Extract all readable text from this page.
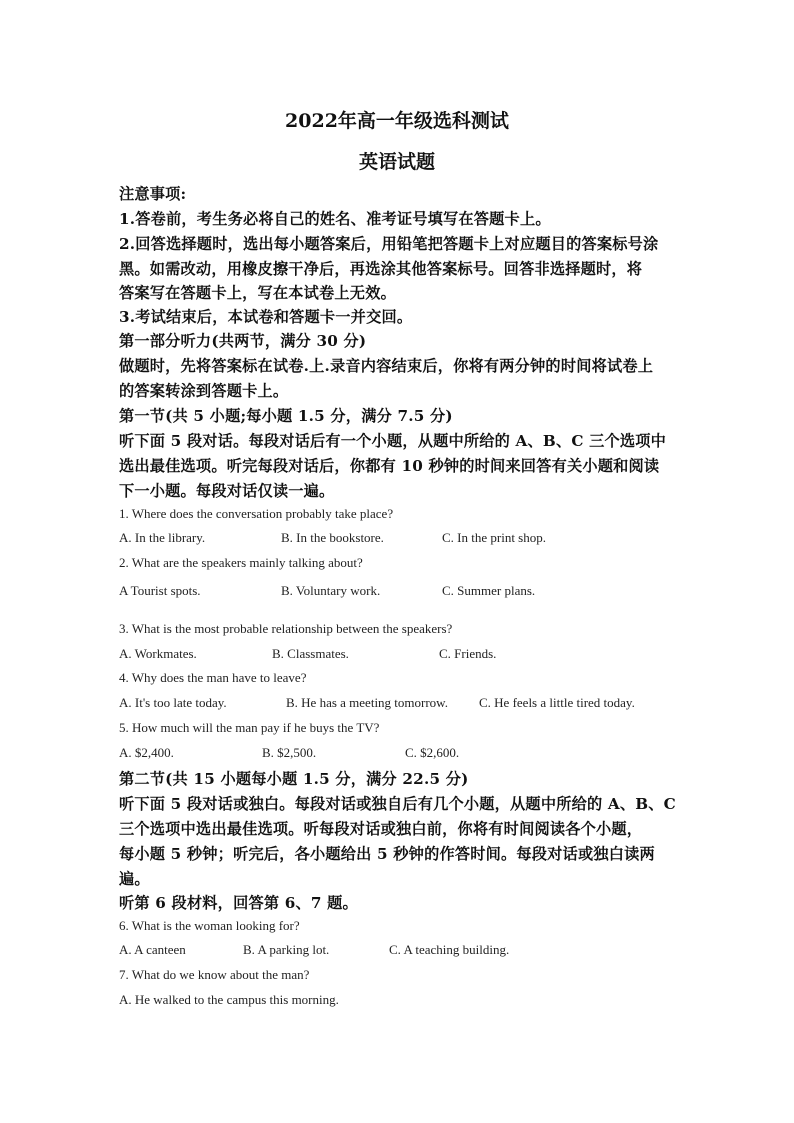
2022年高一年级选科测试
英语试题
注意事项:
1.答卷前，考生务必将自己的姓名、准考证号填写在答题卡上。
2.回答选择题时，选出每小题答案后，用铅笔把答题卡上对应题目的答案标号涂
黑。如需改动，用橡皮擦干净后，再选涂其他答案标号。回答非选择题时，将
答案写在答题卡上，写在本试卷上无效。
3.考试结束后，本试卷和答题卡一并交回。
第一部分听力(共两节，满分 30 分)
做题时，先将答案标在试卷.上.录音内容结束后，你将有两分钟的时间将试卷上
的答案转涂到答题卡上。
第一节(共 5 小题;每小题 1.5 分，满分 7.5 分)
听下面 5 段对话。每段对话后有一个小题，从题中所给的 A、B、C 三个选项中
选出最佳选项。听完每段对话后，你都有 10 秒钟的时间来回答有关小题和阅读
下一小题。每段对话仅读一遍。
1. Where does the conversation probably take place?
A. In the library.	B. In the bookstore.	C. In the print shop.
2. What are the speakers mainly talking about?
A Tourist spots.	B. Voluntary work.	C. Summer plans.
3. What is the most probable relationship between the speakers?
A. Workmates.	B. Classmates.	C. Friends.
4. Why does the man have to leave?
A. It's too late today.	B. He has a meeting tomorrow. C. He feels a little tired today.
5. How much will the man pay if he buys the TV?
A. $2,400.	B. $2,500.	C. $2,600.
第二节(共 15 小题每小题 1.5 分，满分 22.5 分)
听下面 5 段对话或独白。每段对话或独自后有几个小题，从题中所给的 A、B、C
三个选项中选出最佳选项。听每段对话或独白前，你将有时间阅读各个小题，
每小题 5 秒钟；听完后，各小题给出 5 秒钟的作答时间。每段对话或独白读两
遍。
听第 6 段材料，回答第 6、7 题。
6. What is the woman looking for?
A. A canteen	B. A parking lot.	C. A teaching building.
7. What do we know about the man?
A. He walked to the campus this morning.
